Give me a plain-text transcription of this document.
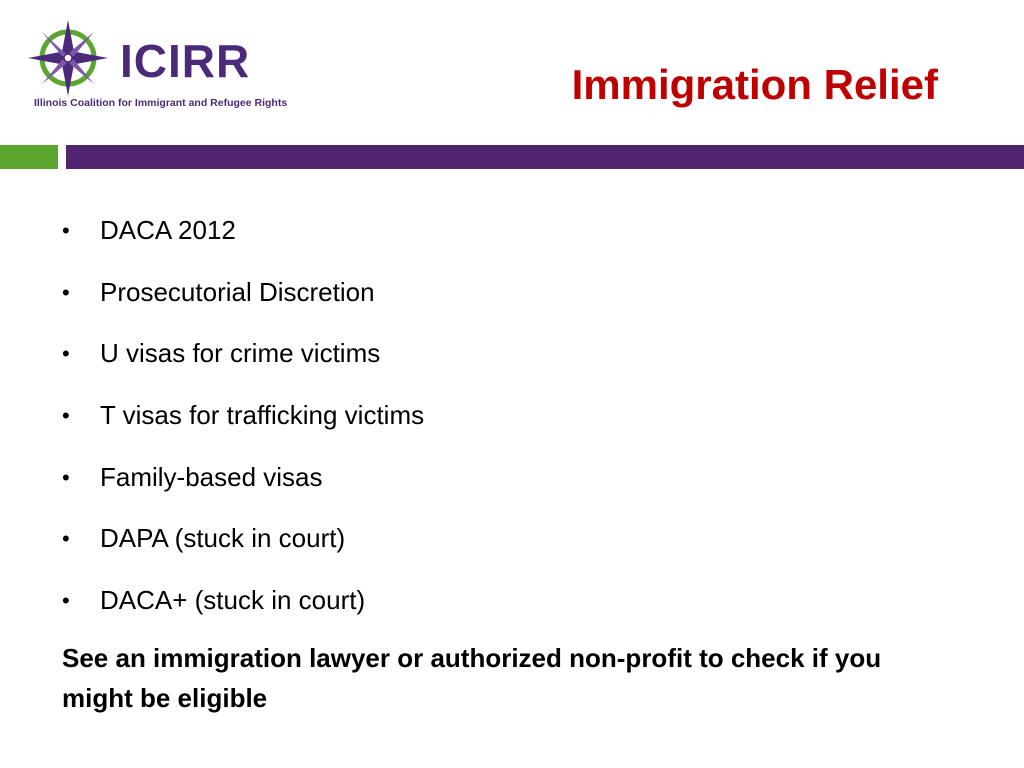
ICIRR
Illinois Coalition for Immigrant and Refugee Rights	Immigration Relief
• DACA 2012
• Prosecutorial Discretion
• U visas for crime victims
• T visas for trafficking victims
• Family-based visas
• DAPA (stuck in court)
• DACA+ (stuck in court)

See an immigration lawyer or authorized non-profit to check if you might be eligible
